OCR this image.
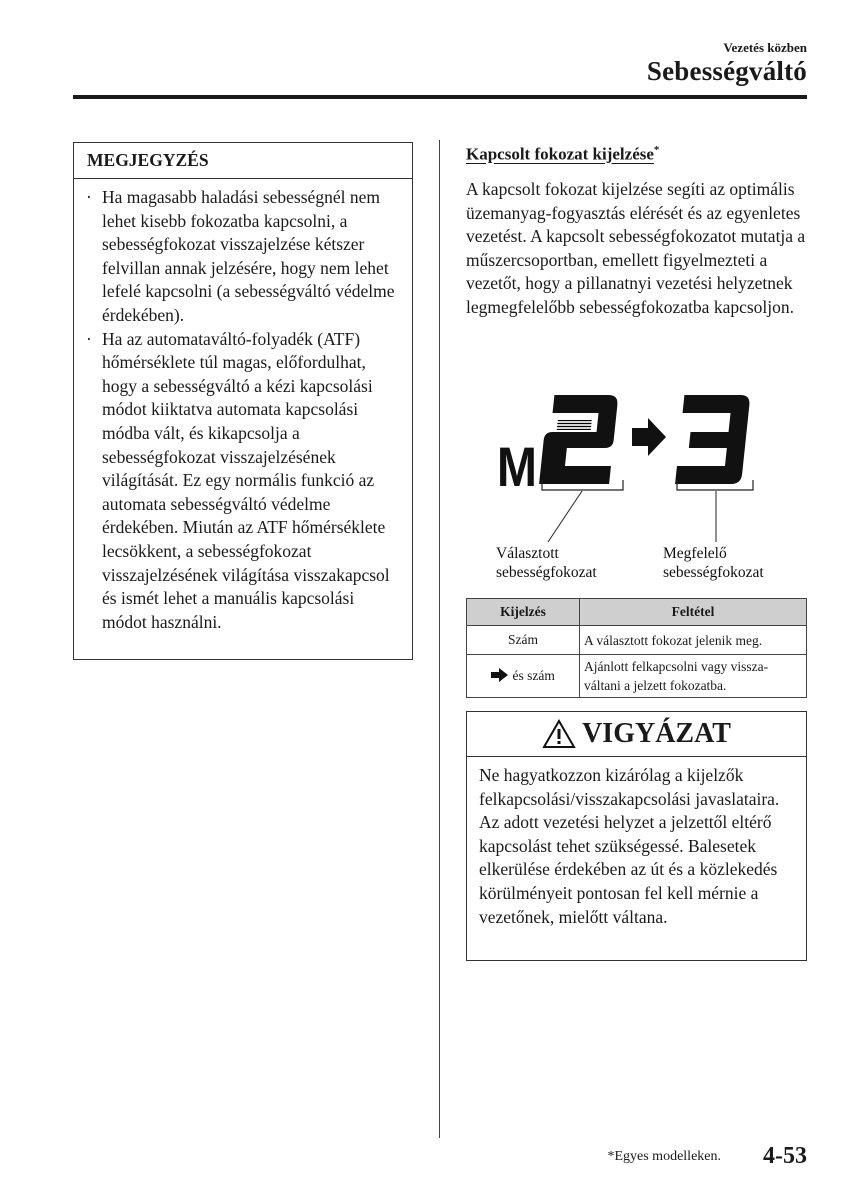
Vezetés közben
Sebességváltó
MEGJEGYZÉS
· Ha magasabb haladási sebességnél nem lehet kisebb fokozatba kapcsolni, a sebességfokozat visszajelzése kétszer felvillan annak jelzésére, hogy nem lehet lefelé kapcsolni (a sebességváltó védelme érdekében).
· Ha az automataváltó-folyadék (ATF) hőmérséklete túl magas, előfordulhat, hogy a sebességváltó a kézi kapcsolási módot kiiktatva automata kapcsolási módba vált, és kikapcsolja a sebességfokozat visszajelzésének világítását. Ez egy normális funkció az automata sebességváltó védelme érdekében. Miután az ATF hőmérséklete lecsökkent, a sebességfokozat visszajelzésének világítása visszakapcsol és ismét lehet a manuális kapcsolási módot használni.
Kapcsolt fokozat kijelzése*
A kapcsolt fokozat kijelzése segíti az optimális üzemanyag-fogyasztás elérését és az egyenletes vezetést. A kapcsolt sebességfokozatot mutatja a műszercsoportban, emellett figyelmezteti a vezetőt, hogy a pillanatnyi vezetési helyzetnek legmegfelelőbb sebességfokozatba kapcsoljon.
M
Választott
sebességfokozat
Megfelelő
sebességfokozat
Kijelzés	Feltétel
Szám	A választott fokozat jelenik meg.
és szám	Ajánlott felkapcsolni vagy vissza-váltani a jelzett fokozatba.
VIGYÁZAT
Ne hagyatkozzon kizárólag a kijelzők felkapcsolási/visszakapcsolási javaslataira. Az adott vezetési helyzet a jelzettől eltérő kapcsolást tehet szükségessé. Balesetek elkerülése érdekében az út és a közlekedés körülményeit pontosan fel kell mérnie a vezetőnek, mielőtt váltana.
*Egyes modelleken. 4-53
